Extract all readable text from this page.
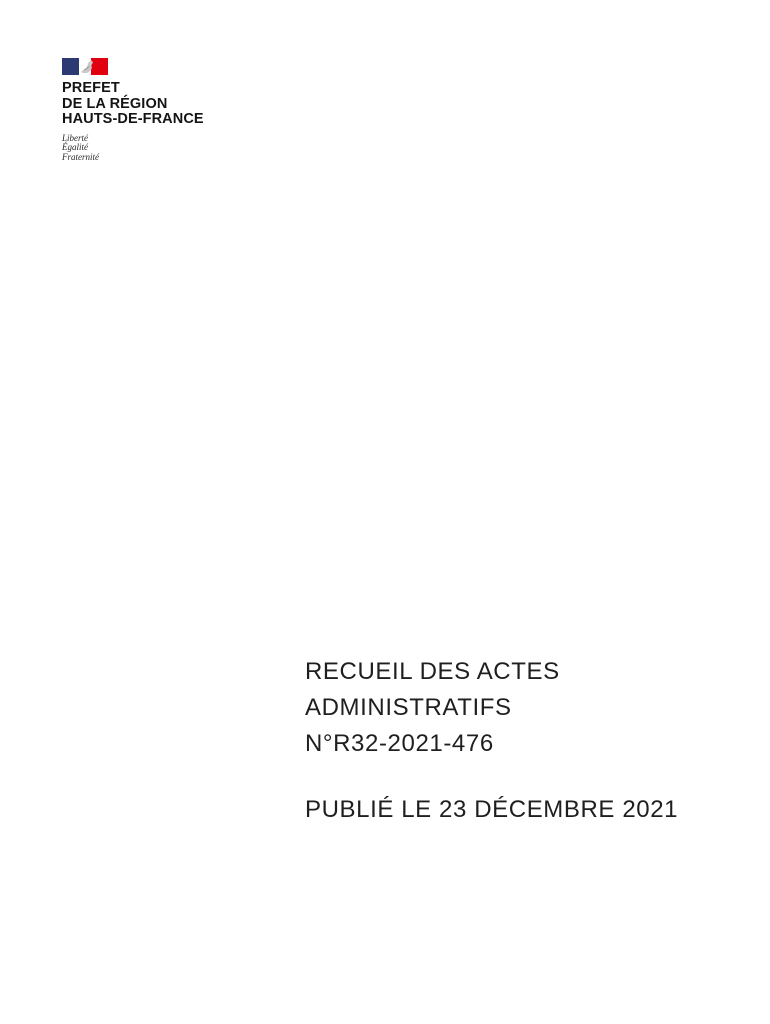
PREFET
DE LA RÉGION
HAUTS-DE-FRANCE
Liberté
Égalité
Fraternité
RECUEIL DES ACTES
ADMINISTRATIFS
N°R32-2021-476
PUBLIÉ LE 23 DÉCEMBRE 2021
